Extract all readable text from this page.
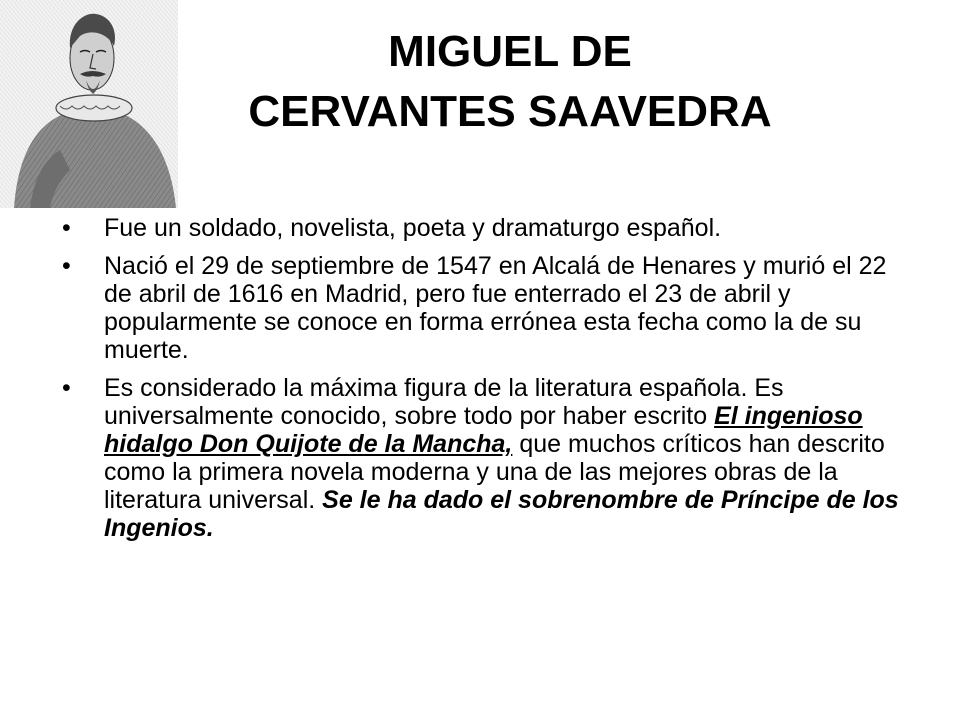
MIGUEL DE
CERVANTES SAAVEDRA
• Fue un soldado, novelista, poeta y dramaturgo español.
• Nació el 29 de septiembre de 1547 en Alcalá de Henares y murió el 22 de abril de 1616 en Madrid, pero fue enterrado el 23 de abril y popularmente se conoce en forma errónea esta fecha como la de su muerte.
• Es considerado la máxima figura de la literatura española. Es universalmente conocido, sobre todo por haber escrito El ingenioso hidalgo Don Quijote de la Mancha, que muchos críticos han descrito como la primera novela moderna y una de las mejores obras de la literatura universal. Se le ha dado el sobrenombre de Príncipe de los Ingenios.
